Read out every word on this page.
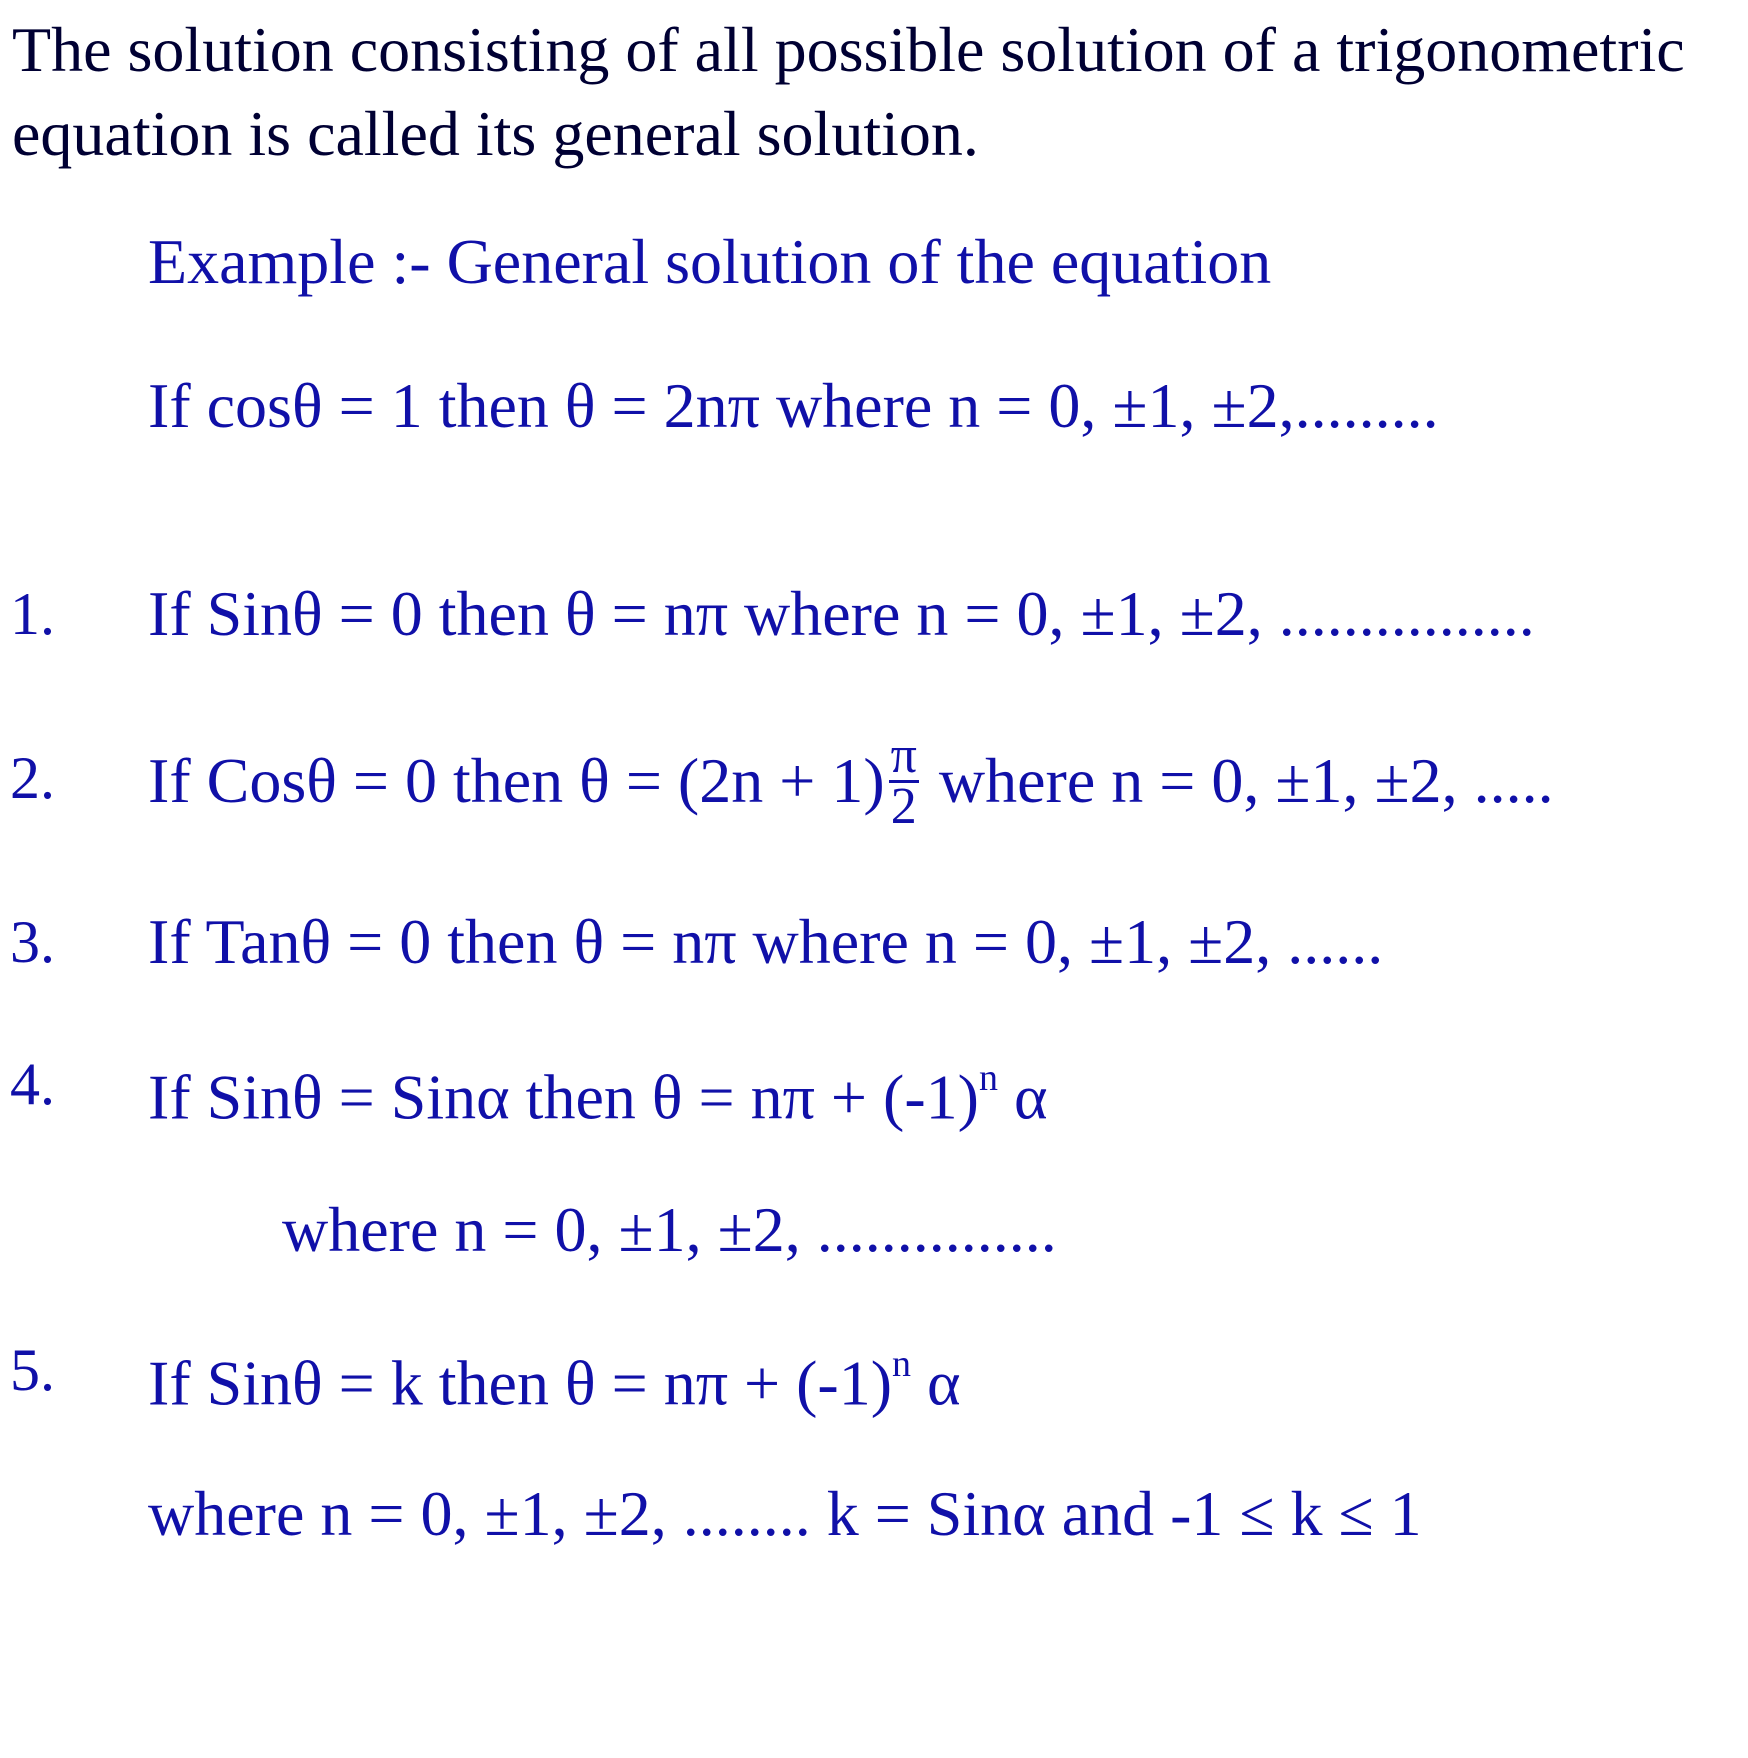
The solution consisting of all possible solution of a trigonometric
equation is called its general solution.
Example :- General solution of the equation
If cosθ = 1 then θ = 2nπ where n = 0, ±1, ±2,.........
1. If Sinθ = 0 then θ = nπ where n = 0, ±1, ±2, ................
2. If Cosθ = 0 then $\theta = (2n + 1) \frac{\pi}{2}$ where n = 0, ±1, ±2, .....
3. If Tanθ = 0 then θ = nπ where n = 0, ±1, ±2, ......
4. If Sinθ = Sinα then $\theta = n\pi + (-1)^n$ α
where n = 0, ±1, ±2, ...............
5. If Sinθ = k then $\theta = n\pi + (-1)^n$ α
where n = 0, ±1, ±2, ........ k = Sinα and -1 ≤ k ≤ 1
